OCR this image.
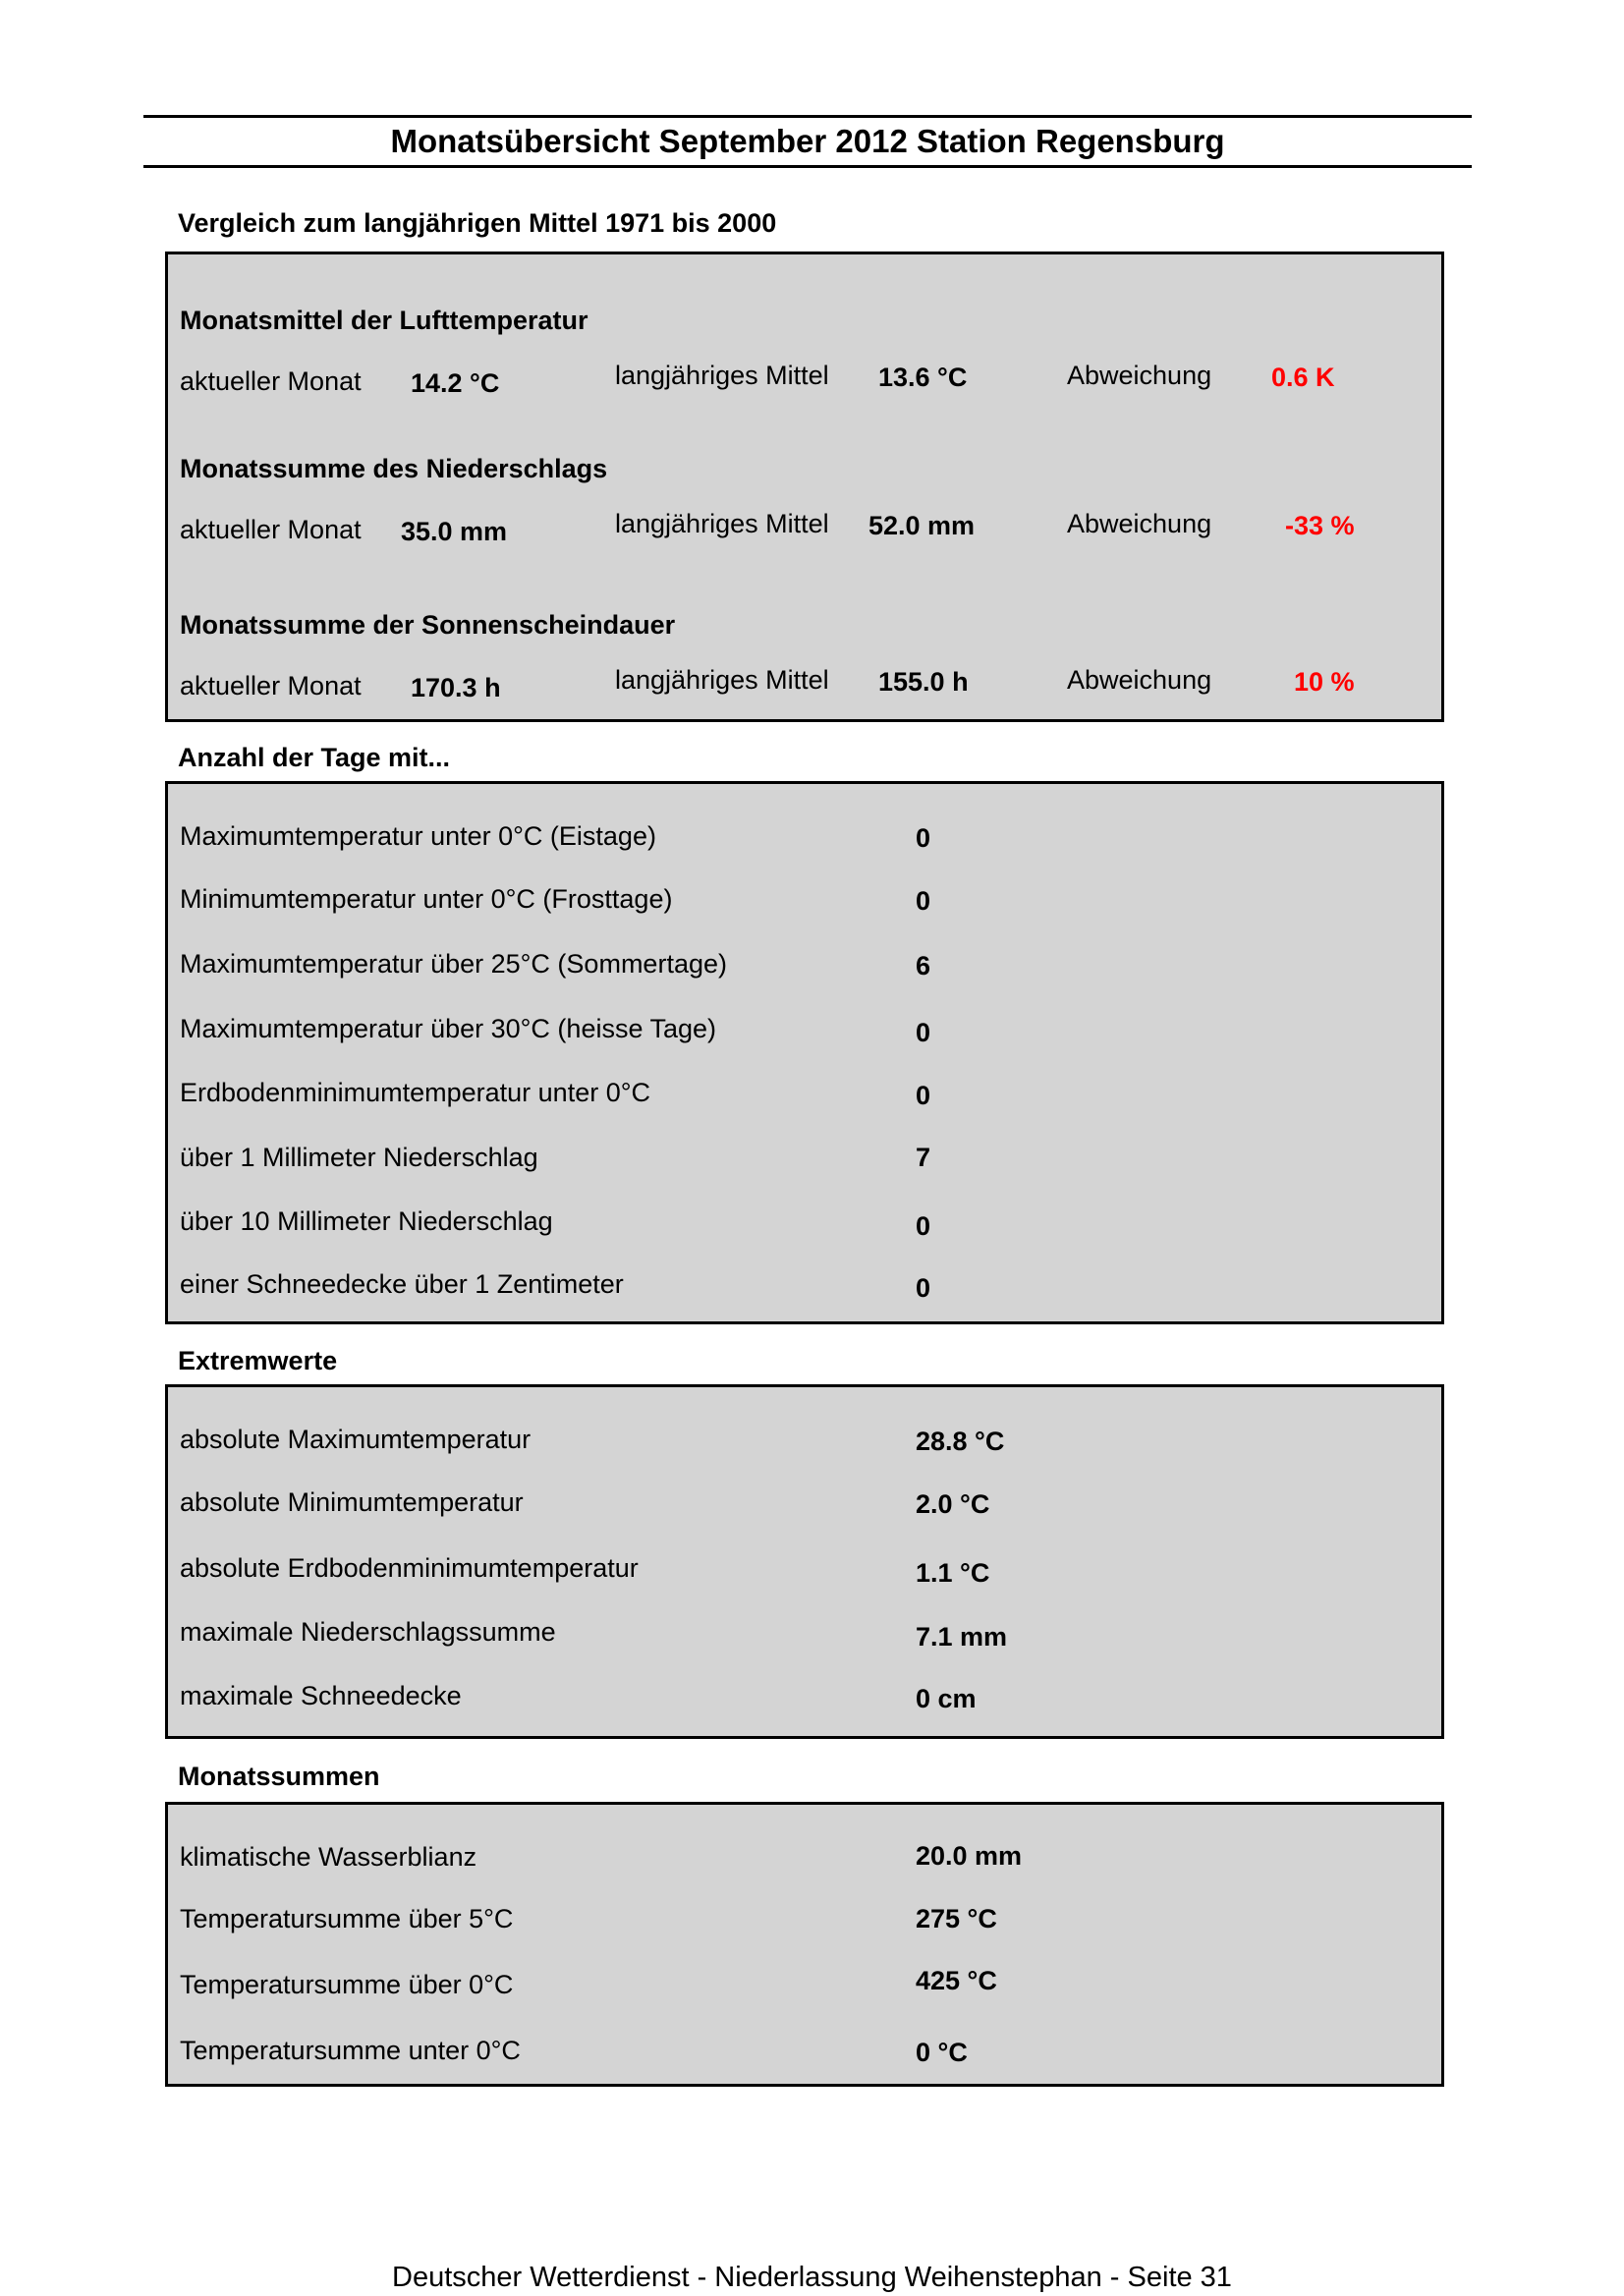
Monatsübersicht September 2012 Station Regensburg
Vergleich zum langjährigen Mittel 1971 bis 2000
Monatsmittel der Lufttemperatur
aktueller Monat 14.2 °C	langjähriges Mittel 13.6 °C	Abweichung 0.6 K
Monatssumme des Niederschlags
aktueller Monat 35.0 mm	langjähriges Mittel 52.0 mm	Abweichung	-33 %
Monatssumme der Sonnenscheindauer
aktueller Monat 170.3 h	langjähriges Mittel 155.0 h	Abweichung	10 %
Anzahl der Tage mit...
Maximumtemperatur unter 0°C (Eistage)	0
Minimumtemperatur unter 0°C (Frosttage)	0
Maximumtemperatur über 25°C (Sommertage)	6
Maximumtemperatur über 30°C (heisse Tage)	0
Erdbodenminimumtemperatur unter 0°C	0
über 1 Millimeter Niederschlag	7
über 10 Millimeter Niederschlag	0
einer Schneedecke über 1 Zentimeter	0
Extremwerte
absolute Maximumtemperatur	28.8 °C
absolute Minimumtemperatur	2.0 °C
absolute Erdbodenminimumtemperatur	1.1 °C
maximale Niederschlagssumme	7.1 mm
maximale Schneedecke	0 cm
Monatssummen
klimatische Wasserblianz	20.0 mm
Temperatursumme über 5°C	275 °C
Temperatursumme über 0°C	425 °C
Temperatursumme unter 0°C	0 °C
Deutscher Wetterdienst - Niederlassung Weihenstephan - Seite 31
